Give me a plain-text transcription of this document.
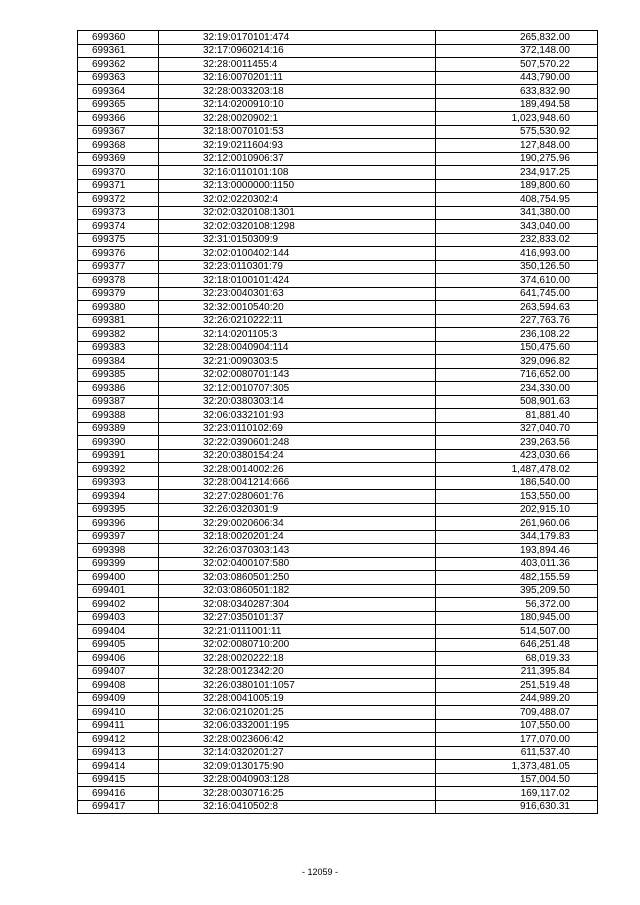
699360	32:19:0170101:474	265,832.00
699361	32:17:0960214:16	372,148.00
699362	32:28:0011455:4	507,570.22
699363	32:16:0070201:11	443,790.00
699364	32:28:0033203:18	633,832.90
699365	32:14:0200910:10	189,494.58
699366	32:28:0020902:1	1,023,948.60
699367	32:18:0070101:53	575,530.92
699368	32:19:0211604:93	127,848.00
699369	32:12:0010906:37	190,275.96
699370	32:16:0110101:108	234,917.25
699371	32:13:0000000:1150	189,800.60
699372	32:02:0220302:4	408,754.95
699373	32:02:0320108:1301	341,380.00
699374	32:02:0320108:1298	343,040.00
699375	32:31:0150309:9	232,833.02
699376	32:02:0100402:144	416,993.00
699377	32:23:0110301:79	350,126.50
699378	32:18:0100101:424	374,610.00
699379	32:23:0040301:63	641,745.00
699380	32:32:0010540:20	263,594.63
699381	32:26:0210222:11	227,763.76
699382	32:14:0201105:3	236,108.22
699383	32:28:0040904:114	150,475.60
699384	32:21:0090303:5	329,096.82
699385	32:02:0080701:143	716,652.00
699386	32:12:0010707:305	234,330.00
699387	32:20:0380303:14	508,901.63
699388	32:06:0332101:93	81,881.40
699389	32:23:0110102:69	327,040.70
699390	32:22:0390601:248	239,263.56
699391	32:20:0380154:24	423,030.66
699392	32:28:0014002:26	1,487,478.02
699393	32:28:0041214:666	186,540.00
699394	32:27:0280601:76	153,550.00
699395	32:26:0320301:9	202,915.10
699396	32:29:0020606:34	261,960.06
699397	32:18:0020201:24	344,179.83
699398	32:26:0370303:143	193,894.46
699399	32:02:0400107:580	403,011.36
699400	32:03:0860501:250	482,155.59
699401	32:03:0860501:182	395,209.50
699402	32:08:0340287:304	56,372.00
699403	32:27:0350101:37	180,945.00
699404	32:21:0111001:11	514,507.00
699405	32:02:0080710:200	646,251.48
699406	32:28:0020222:18	68,019.33
699407	32:28:0012342:20	211,395.84
699408	32:26:0380101:1057	251,519.48
699409	32:28:0041005:19	244,989.20
699410	32:06:0210201:25	709,488.07
699411	32:06:0332001:195	107,550.00
699412	32:28:0023606:42	177,070.00
699413	32:14:0320201:27	611,537.40
699414	32:09:0130175:90	1,373,481.05
699415	32:28:0040903:128	157,004.50
699416	32:28:0030716:25	169,117.02
699417	32:16:0410502:8	916,630.31
- 12059 -
